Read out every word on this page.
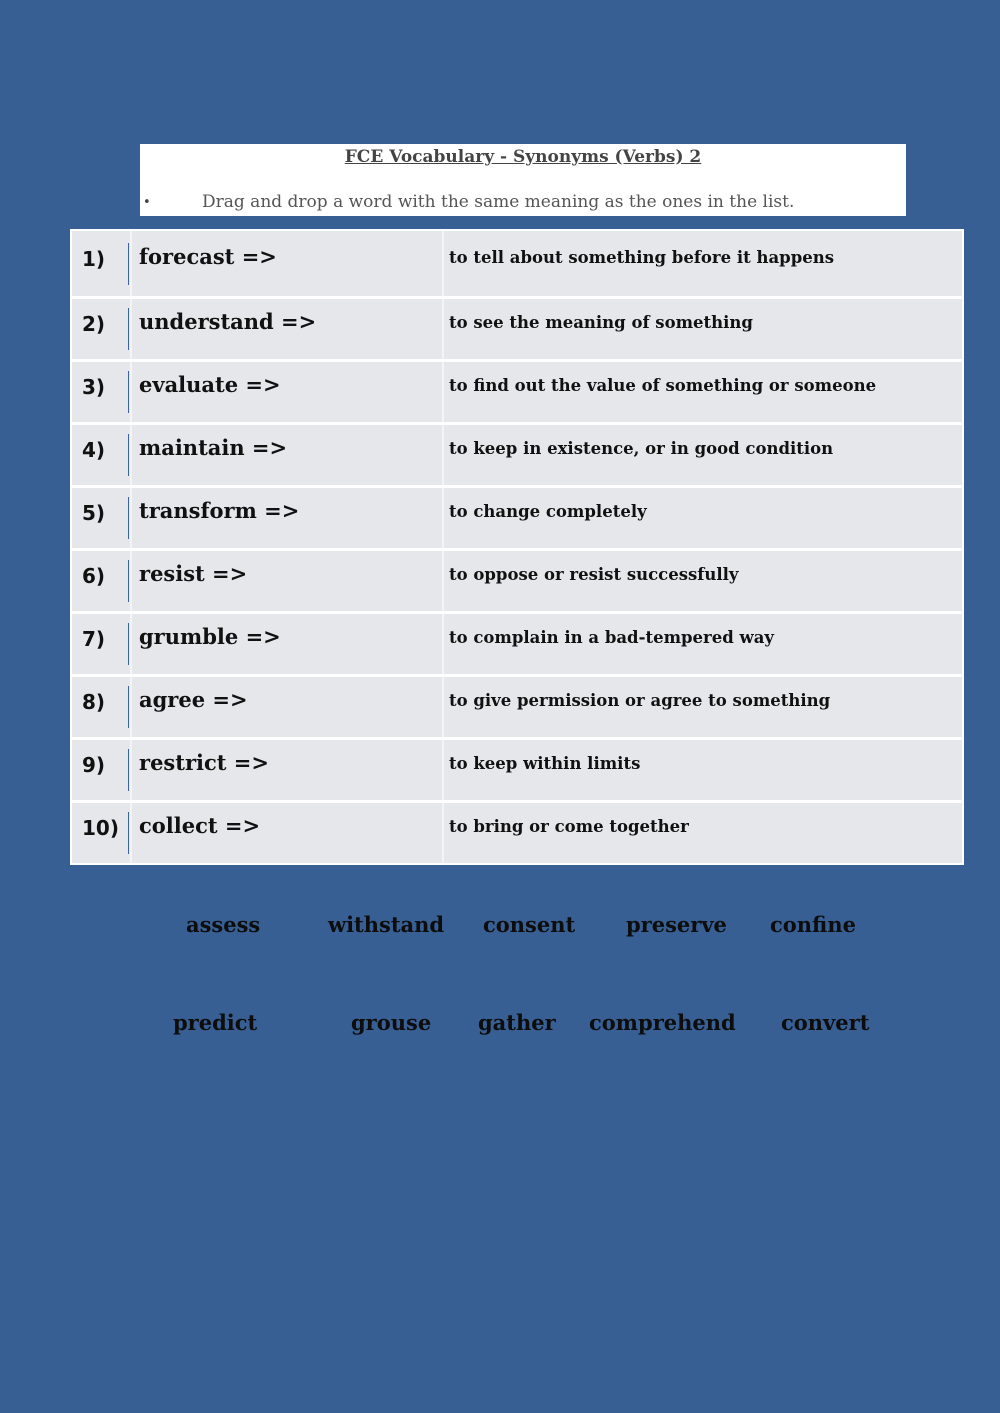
FCE Vocabulary - Synonyms (Verbs) 2
•	Drag and drop a word with the same meaning as the ones in the list.
1) forecast =>	to tell about something before it happens
2) understand =>	to see the meaning of something
3) evaluate =>	to find out the value of something or someone
4) maintain =>	to keep in existence, or in good condition
5) transform =>	to change completely
6) resist =>	to oppose or resist successfully
7) grumble =>	to complain in a bad-tempered way
8) agree =>	to give permission or agree to something
9) restrict =>	to keep within limits
10) collect =>	to bring or come together
assess	withstand consent preserve confine
predict	grouse gather comprehend convert
